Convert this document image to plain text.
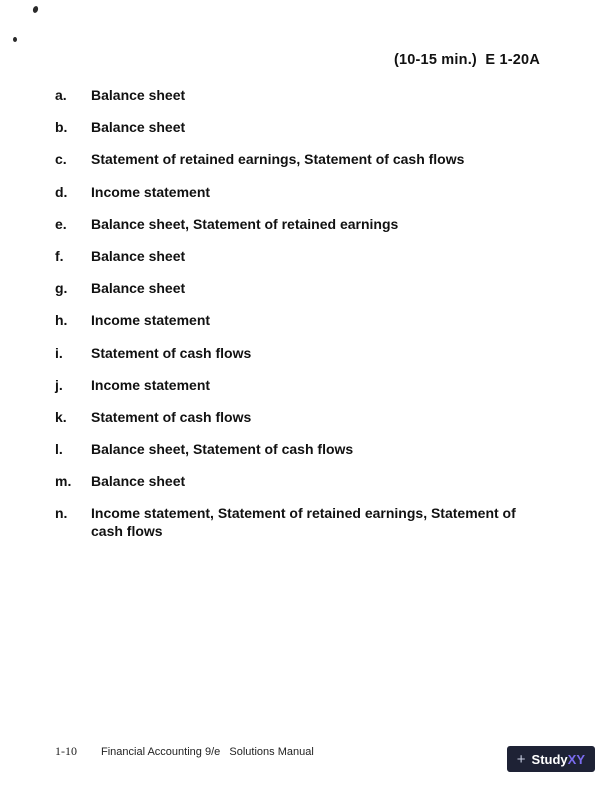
(10-15 min.)  E 1-20A
a.	Balance sheet
b.	Balance sheet
c.	Statement of retained earnings, Statement of cash flows
d.	Income statement
e.	Balance sheet, Statement of retained earnings
f.	Balance sheet
g.	Balance sheet
h.	Income statement
i.	Statement of cash flows
j.	Income statement
k.	Statement of cash flows
l.	Balance sheet, Statement of cash flows
m.	Balance sheet
n.	Income statement, Statement of retained earnings, Statement of cash flows
1-10 Financial Accounting 9/e   Solutions Manual	+ StudyXY
